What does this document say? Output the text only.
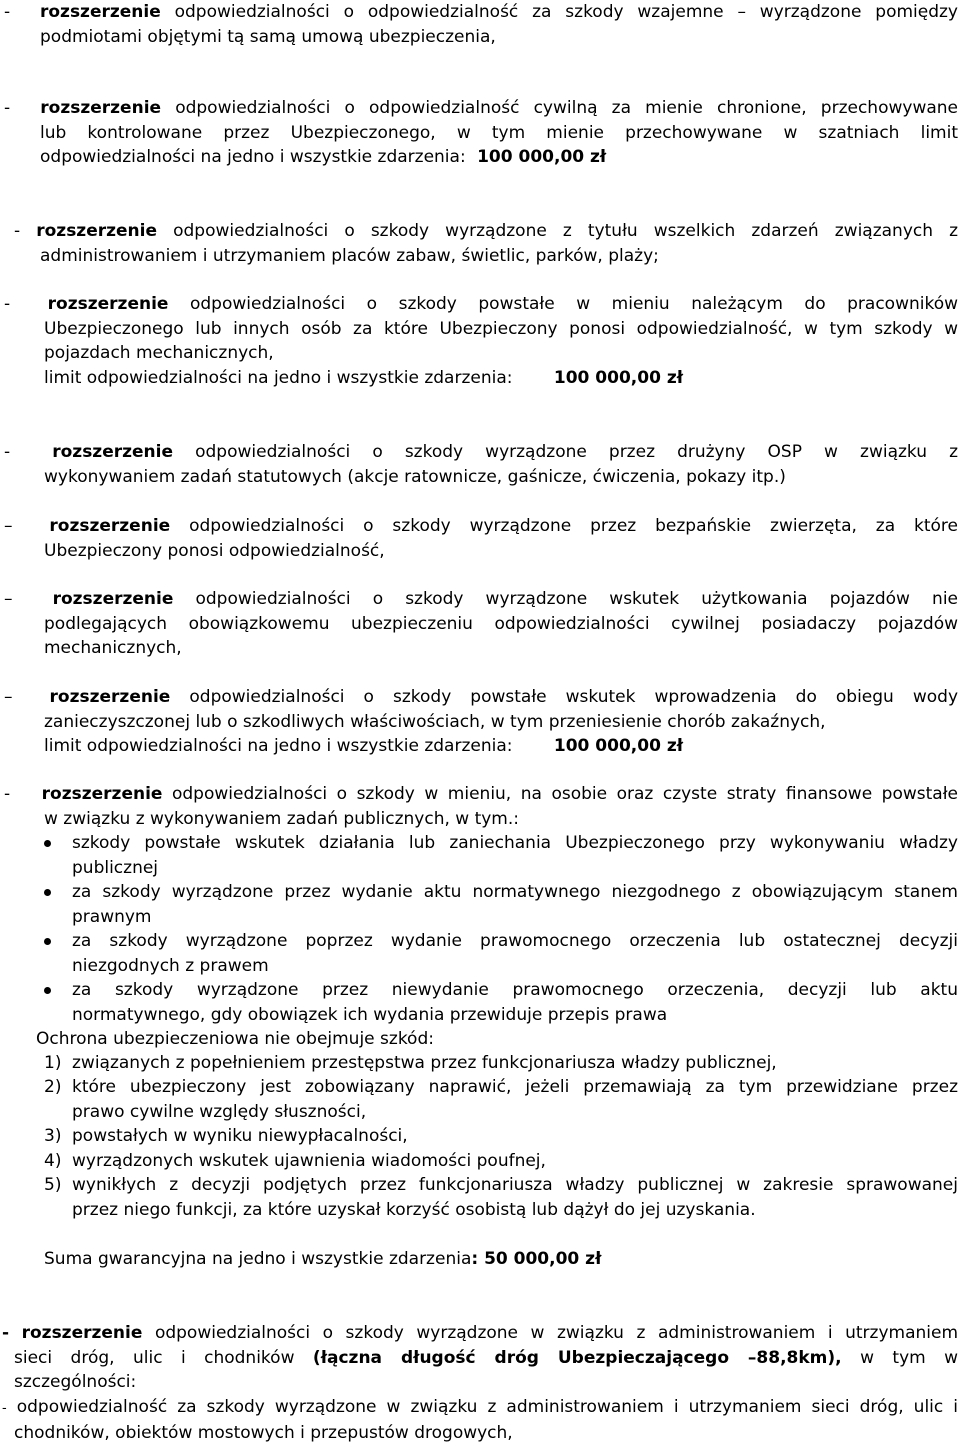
- rozszerzenie odpowiedzialności o odpowiedzialność za szkody wzajemne – wyrządzone pomiędzy
podmiotami objętymi tą samą umową ubezpieczenia,
- rozszerzenie odpowiedzialności o odpowiedzialność cywilną za mienie chronione, przechowywane
lub kontrolowane przez Ubezpieczonego, w tym mienie przechowywane w szatniach limit
odpowiedzialności na jedno i wszystkie zdarzenia: 100 000,00 zł
- rozszerzenie odpowiedzialności o szkody wyrządzone z tytułu wszelkich zdarzeń związanych z
administrowaniem i utrzymaniem placów zabaw, świetlic, parków, plaży;
- rozszerzenie odpowiedzialności o szkody powstałe w mieniu należącym do pracowników
Ubezpieczonego lub innych osób za które Ubezpieczony ponosi odpowiedzialność, w tym szkody w
pojazdach mechanicznych,
limit odpowiedzialności na jedno i wszystkie zdarzenia: 100 000,00 zł
- rozszerzenie odpowiedzialności o szkody wyrządzone przez drużyny OSP w związku z
wykonywaniem zadań statutowych (akcje ratownicze, gaśnicze, ćwiczenia, pokazy itp.)
– rozszerzenie odpowiedzialności o szkody wyrządzone przez bezpańskie zwierzęta, za które
Ubezpieczony ponosi odpowiedzialność,
– rozszerzenie odpowiedzialności o szkody wyrządzone wskutek użytkowania pojazdów nie
podlegających obowiązkowemu ubezpieczeniu odpowiedzialności cywilnej posiadaczy pojazdów
mechanicznych,
– rozszerzenie odpowiedzialności o szkody powstałe wskutek wprowadzenia do obiegu wody
zanieczyszczonej lub o szkodliwych właściwościach, w tym przeniesienie chorób zakaźnych,
limit odpowiedzialności na jedno i wszystkie zdarzenia: 100 000,00 zł
- rozszerzenie odpowiedzialności o szkody w mieniu, na osobie oraz czyste straty finansowe powstałe
w związku z wykonywaniem zadań publicznych, w tym.:
szkody powstałe wskutek działania lub zaniechania Ubezpieczonego przy wykonywaniu władzy
publicznej
za szkody wyrządzone przez wydanie aktu normatywnego niezgodnego z obowiązującym stanem
prawnym
za szkody wyrządzone poprzez wydanie prawomocnego orzeczenia lub ostatecznej decyzji
niezgodnych z prawem
za szkody wyrządzone przez niewydanie prawomocnego orzeczenia, decyzji lub aktu
normatywnego, gdy obowiązek ich wydania przewiduje przepis prawa
Ochrona ubezpieczeniowa nie obejmuje szkód:
1) związanych z popełnieniem przestępstwa przez funkcjonariusza władzy publicznej,
2) które ubezpieczony jest zobowiązany naprawić, jeżeli przemawiają za tym przewidziane przez
prawo cywilne względy słuszności,
3) powstałych w wyniku niewypłacalności,
4) wyrządzonych wskutek ujawnienia wiadomości poufnej,
5) wynikłych z decyzji podjętych przez funkcjonariusza władzy publicznej w zakresie sprawowanej
przez niego funkcji, za które uzyskał korzyść osobistą lub dążył do jej uzyskania.
Suma gwarancyjna na jedno i wszystkie zdarzenia: 50 000,00 zł
- rozszerzenie odpowiedzialności o szkody wyrządzone w związku z administrowaniem i utrzymaniem
sieci dróg, ulic i chodników (łączna długość dróg Ubezpieczającego –88,8km), w tym w
szczególności:
- odpowiedzialność za szkody wyrządzone w związku z administrowaniem i utrzymaniem sieci dróg, ulic i
chodników, obiektów mostowych i przepustów drogowych,
